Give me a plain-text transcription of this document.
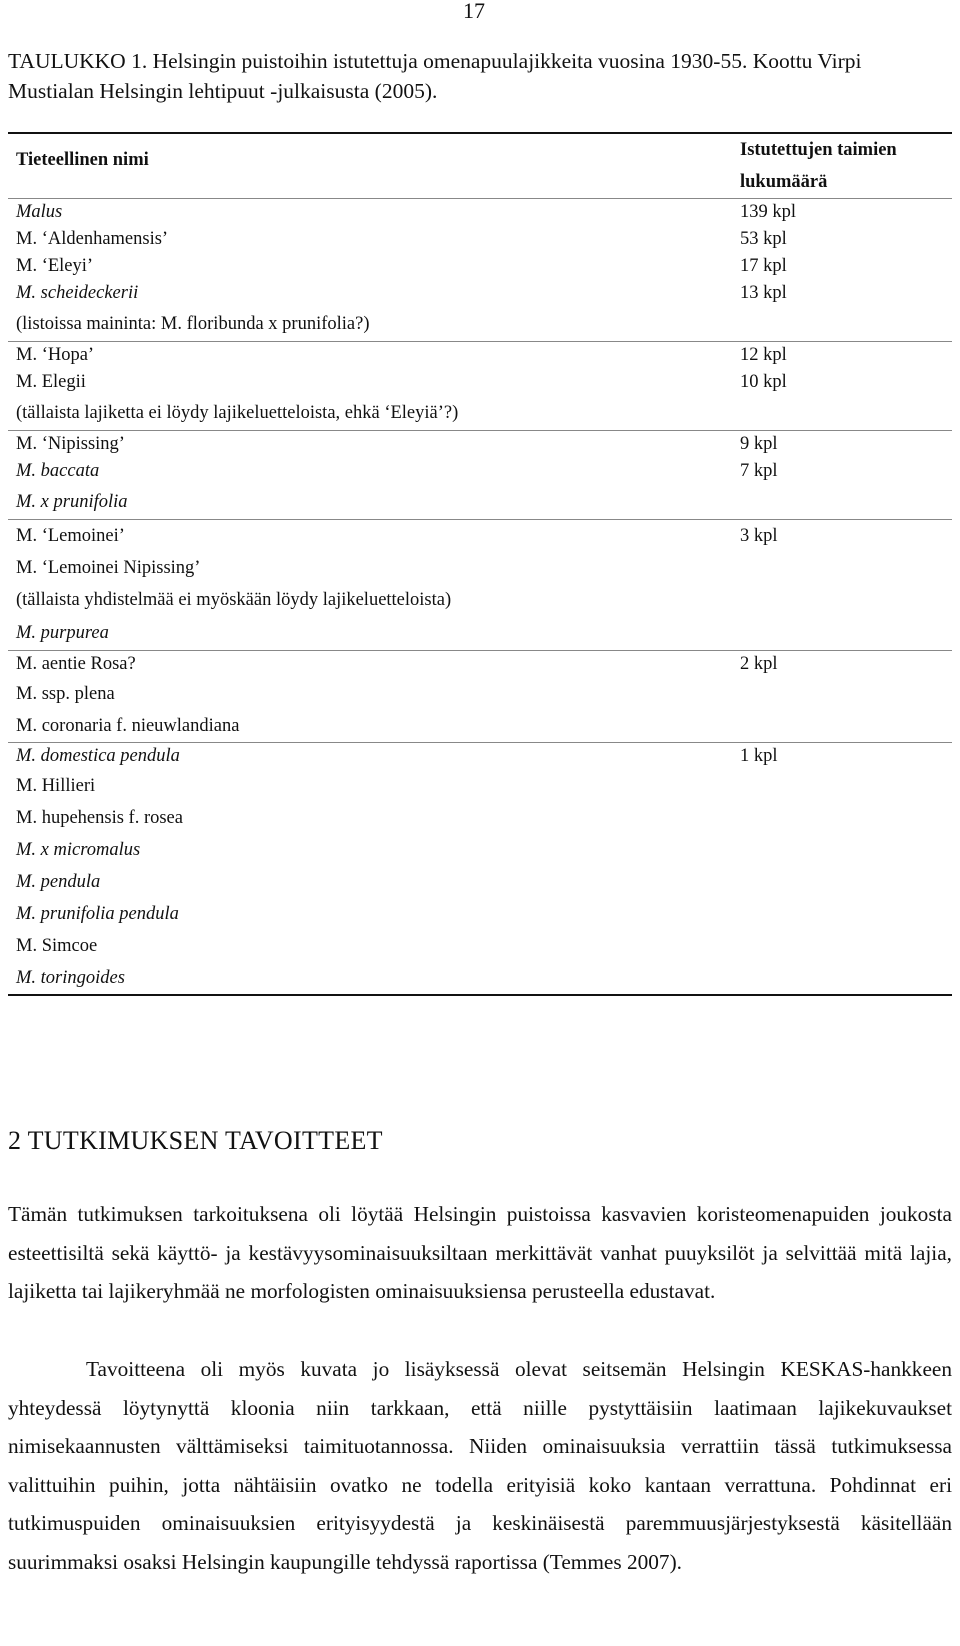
17

TAULUKKO 1. Helsingin puistoihin istutettuja omenapuulajikkeita vuosina 1930-55. Koottu Virpi Mustialan Helsingin lehtipuut -julkaisusta (2005).

Tieteellinen nimi	Istutettujen taimien lukumäärä
Malus	139 kpl
M. ‘Aldenhamensis’	53 kpl
M. ‘Eleyi’	17 kpl
M. scheideckerii	13 kpl
(listoissa maininta: M. floribunda x prunifolia?)
M. ‘Hopa’	12 kpl
M. Elegii	10 kpl
(tällaista lajiketta ei löydy lajikeluetteloista, ehkä ‘Eleyiä’?)
M. ‘Nipissing’	9 kpl
M. baccata	7 kpl
M. x prunifolia
M. ‘Lemoinei’	3 kpl
M. ‘Lemoinei Nipissing’
(tällaista yhdistelmää ei myöskään löydy lajikeluetteloista)
M. purpurea
M. aentie Rosa?	2 kpl
M. ssp. plena
M. coronaria f. nieuwlandiana
M. domestica pendula	1 kpl
M. Hillieri
M. hupehensis f. rosea
M. x micromalus
M. pendula
M. prunifolia pendula
M. Simcoe
M. toringoides
2 TUTKIMUKSEN TAVOITTEET

Tämän tutkimuksen tarkoituksena oli löytää Helsingin puistoissa kasvavien koristeomenapuiden joukosta esteettisiltä sekä käyttö- ja kestävyysominaisuuksiltaan merkittävät vanhat puuyksilöt ja selvittää mitä lajia, lajiketta tai lajikeryhmää ne morfologisten ominaisuuksiensa perusteella edustavat.

Tavoitteena oli myös kuvata jo lisäyksessä olevat seitsemän Helsingin KESKAS-hankkeen yhteydessä löytynyttä kloonia niin tarkkaan, että niille pystyttäisiin laatimaan lajikekuvaukset nimisekaannusten välttämiseksi taimituotannossa. Niiden ominaisuuksia verrattiin tässä tutkimuksessa valittuihin puihin, jotta nähtäisiin ovatko ne todella erityisiä koko kantaan verrattuna. Pohdinnat eri tutkimuspuiden ominaisuuksien erityisyydestä ja keskinäisestä paremmuusjärjestyksestä käsitellään suurimmaksi osaksi Helsingin kaupungille tehdyssä raportissa (Temmes 2007).
